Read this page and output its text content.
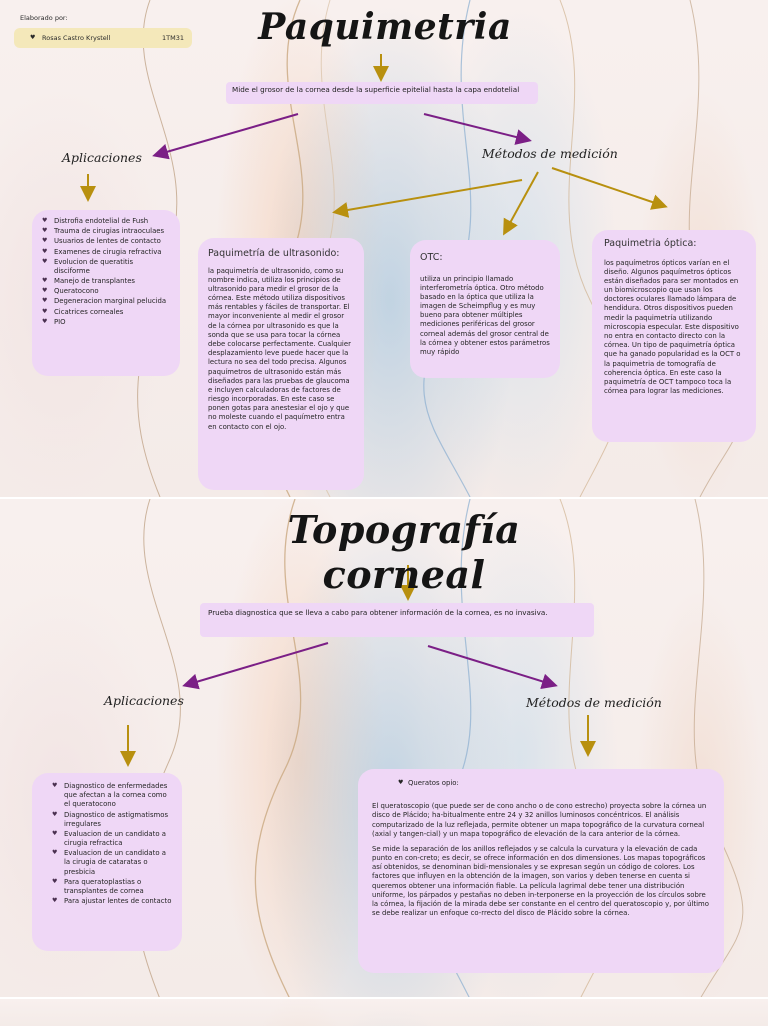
Elaborado por:
♥ Rosas Castro Krystell	1TM31	Paquimetria
Mide el grosor de la cornea desde la superficie epitelial hasta la capa endotelial
Aplicaciones	Métodos de medición
♥ Distrofia endotelial de Fush
♥ Trauma de cirugias intraoculaes
♥ Usuarios de lentes de contacto
♥ Examenes de cirugia refractiva
♥ Evolucion de queratitis disciforme
♥ Manejo de transplantes
♥ Queratocono
♥ Degeneracion marginal pelucida
♥ Cicatrices corneales
♥ PIO
Paquimetría de ultrasonido:

la paquimetría de ultrasonido, como su nombre indica, utiliza los principios de ultrasonido para medir el grosor de la córnea. Este método utiliza dispositivos más rentables y fáciles de transportar. El mayor inconveniente al medir el grosor de la córnea por ultrasonido es que la sonda que se usa para tocar la córnea debe colocarse perfectamente. Cualquier desplazamiento leve puede hacer que la lectura no sea del todo precisa. Algunos paquímetros de ultrasonido están más diseñados para las pruebas de glaucoma e incluyen calculadoras de factores de riesgo incorporadas. En este caso se ponen gotas para anestesiar el ojo y que no moleste cuando el paquímetro entra en contacto con el ojo.

OTC:

utiliza un principio llamado interferometría óptica. Otro método basado en la óptica que utiliza la imagen de Scheimpflug y es muy bueno para obtener múltiples mediciones periféricas del grosor corneal además del grosor central de la córnea y obtener estos parámetros muy rápido

Paquimetria óptica:

los paquímetros ópticos varían en el diseño. Algunos paquímetros ópticos están diseñados para ser montados en un biomicroscopio que usan los doctores oculares llamado lámpara de hendidura. Otros dispositivos pueden medir la paquimetría utilizando microscopia especular. Este dispositivo no entra en contacto directo con la córnea. Un tipo de paquimetría óptica que ha ganado popularidad es la OCT o la paquimetria de tomografía de coherencia óptica. En este caso la paquimetría de OCT tampoco toca la córnea para lograr las mediciones.

Topografía corneal
Prueba diagnostica que se lleva a cabo para obtener información de la cornea, es no invasiva.
Aplicaciones	Métodos de medición
♥ Diagnostico de enfermedades que afectan a la cornea como el queratocono
♥ Diagnostico de astigmatismos irregulares
♥ Evaluacion de un candidato a cirugia refractica
♥ Evaluacion de un candidato a la cirugia de cataratas o presbicia
♥ Para queratoplastias o transplantes de cornea
♥ Para ajustar lentes de contacto
♥ Queratos opio:

El queratoscopio (que puede ser de cono ancho o de cono estrecho) proyecta sobre la córnea un disco de Plácido; ha-bitualmente entre 24 y 32 anillos luminosos concéntricos. El análisis computarizado de la luz reflejada, permite obtener un mapa topográfico de la curvatura corneal (axial y tangen-cial) y un mapa topográfico de elevación de la cara anterior de la córnea.

Se mide la separación de los anillos reflejados y se calcula la curvatura y la elevación de cada punto en con-creto; es decir, se ofrece información en dos dimensiones. Los mapas topográficos así obtenidos, se denominan bidi-mensionales y se expresan según un código de colores. Los factores que influyen en la obtención de la imagen, son varios y deben tenerse en cuenta si queremos obtener una información fiable. La película lagrimal debe tener una distribución uniforme, los párpados y pestañas no deben in-terponerse en la proyección de los círculos sobre la córnea, la fijación de la mirada debe ser constante en el centro del queratoscopio y, por último se debe realizar un enfoque co-rrecto del disco de Plácido sobre la córnea.
